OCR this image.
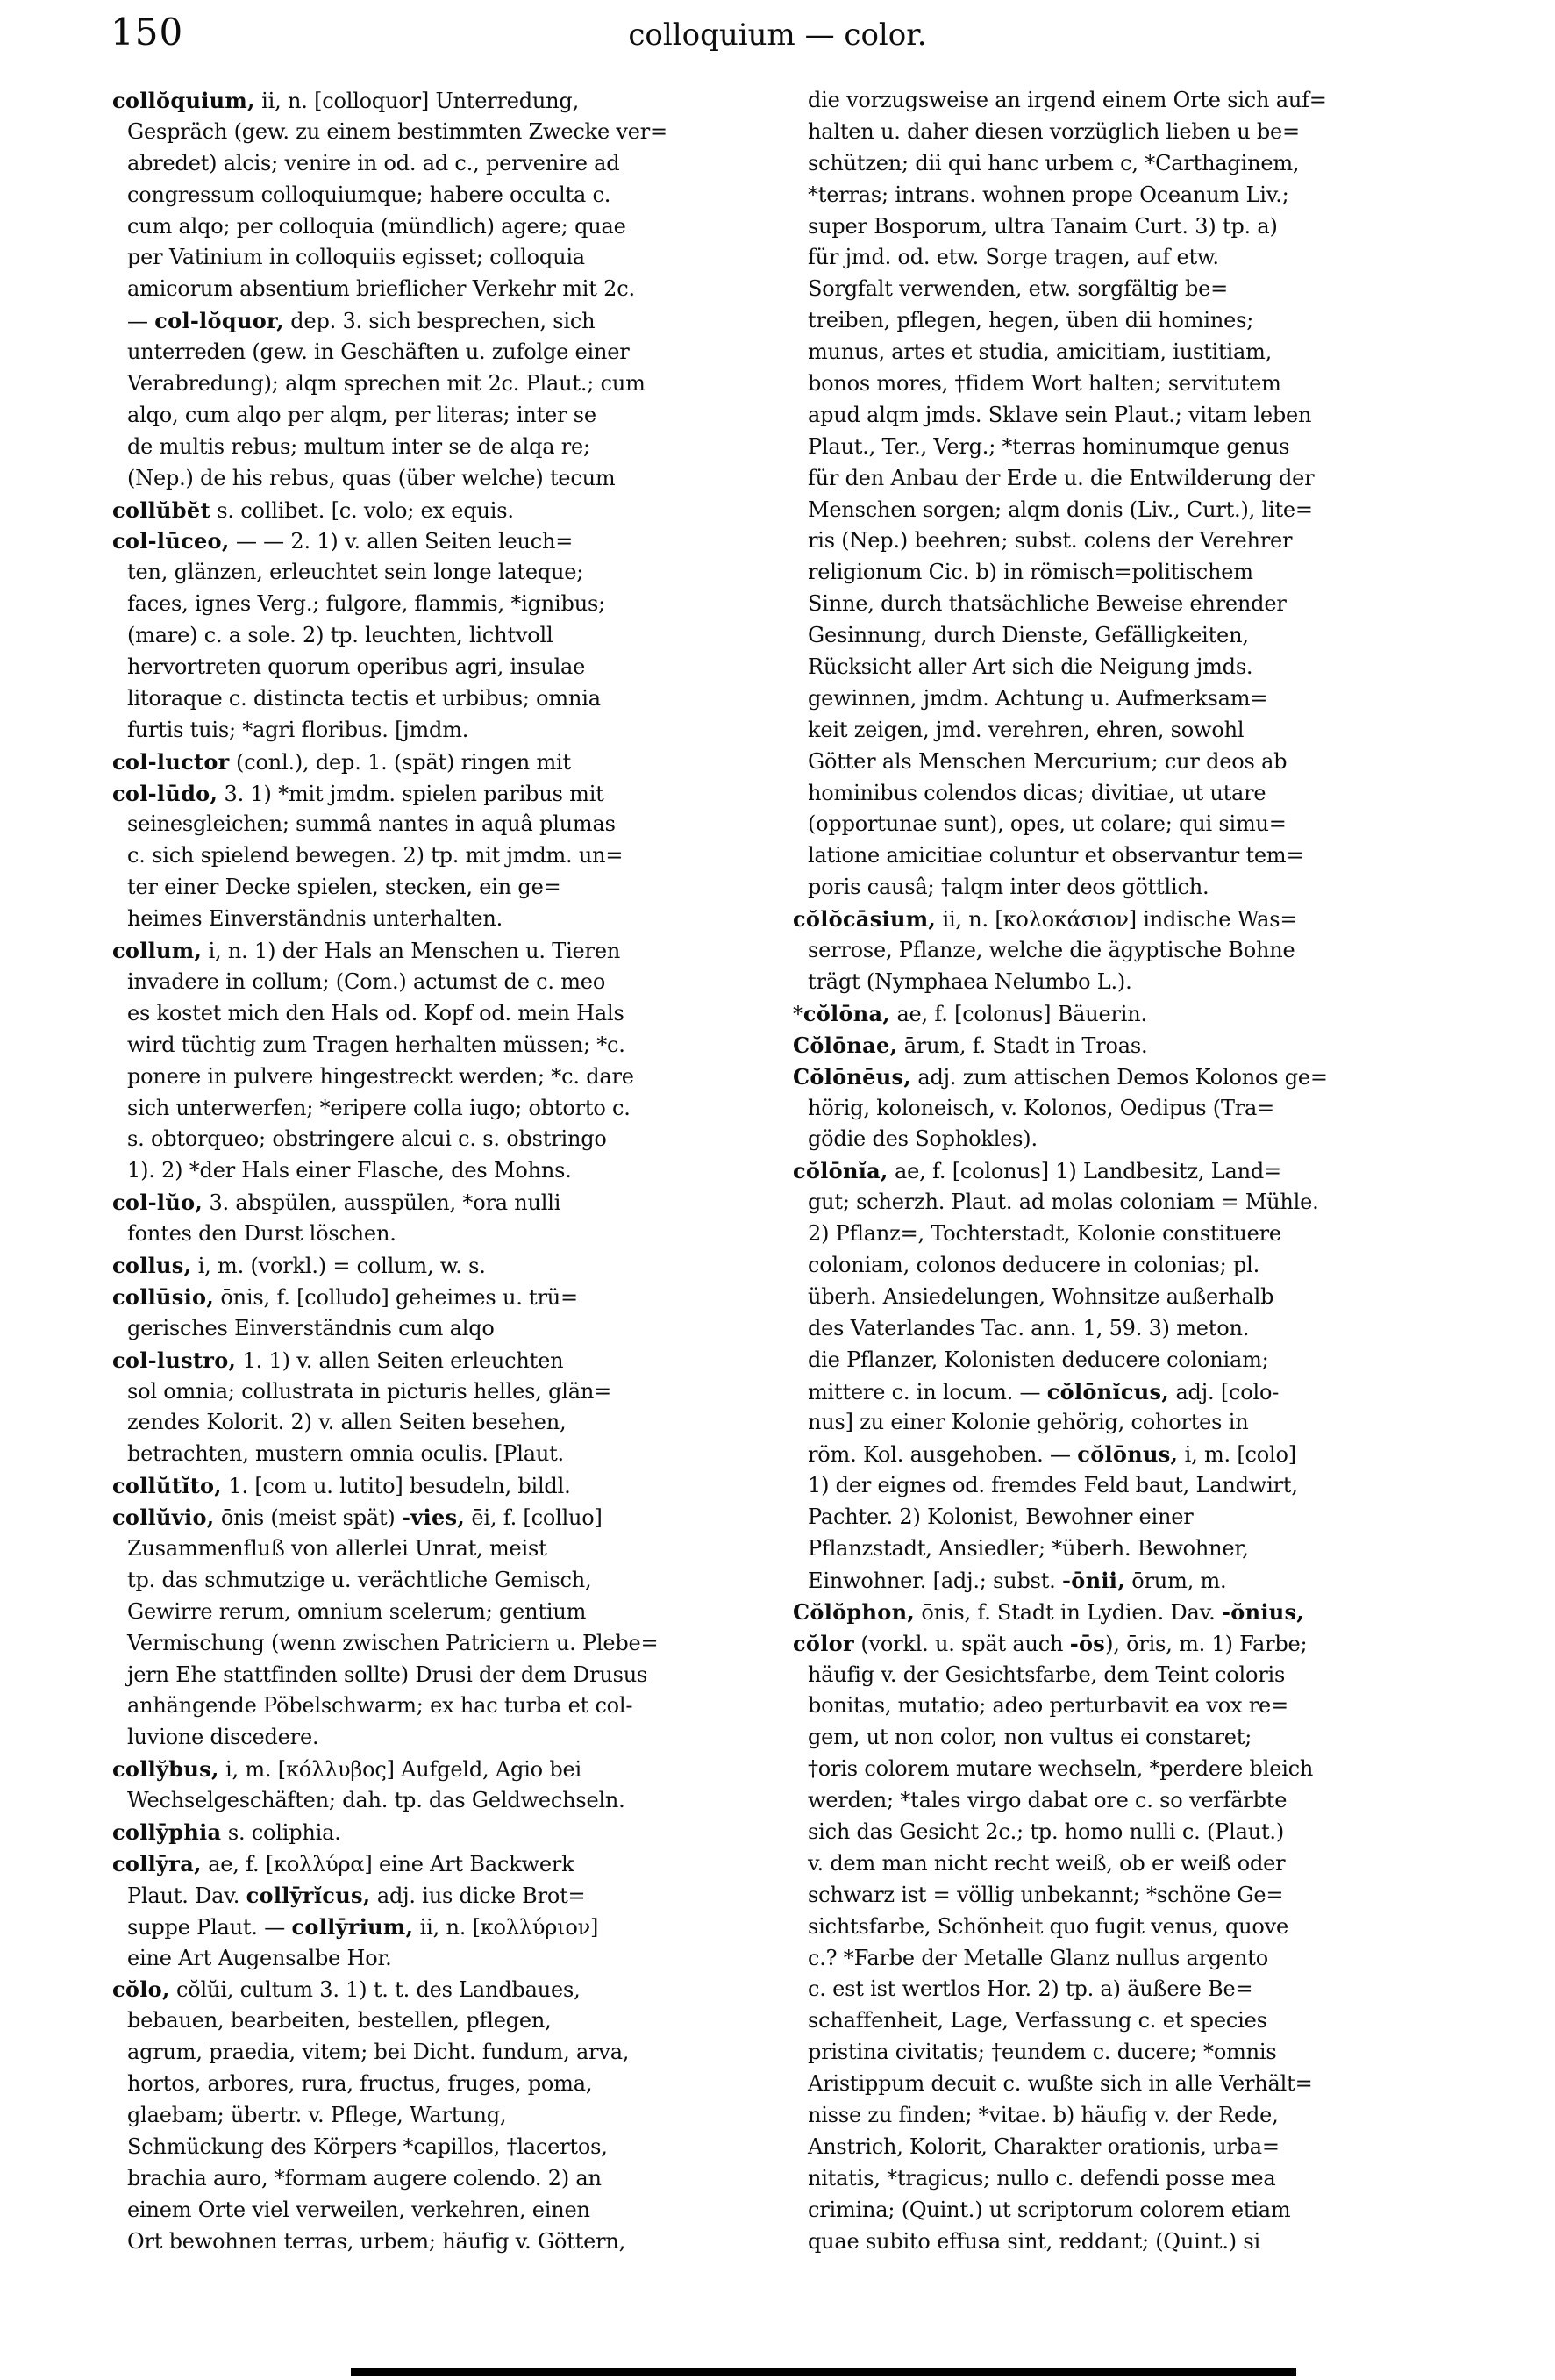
150	colloquium — color.
collŏquium, ii, n. [colloquor] Unterredung,
Gespräch (gew. zu einem bestimmten Zwecke ver=
abredet) alcis; venire in od. ad c., pervenire ad
congressum colloquiumque; habere occulta c.
cum alqo; per colloquia (mündlich) agere; quae
per Vatinium in colloquiis egisset; colloquia
amicorum absentium brieflicher Verkehr mit 2c.
— col-lŏquor, dep. 3. sich besprechen, sich
unterreden (gew. in Geschäften u. zufolge einer
Verabredung); alqm sprechen mit 2c. Plaut.; cum
alqo, cum alqo per alqm, per literas; inter se
de multis rebus; multum inter se de alqa re;
(Nep.) de his rebus, quas (über welche) tecum
collŭbĕt s. collibet. [c. volo; ex equis.
col-lūceo, — — 2. 1) v. allen Seiten leuch=
ten, glänzen, erleuchtet sein longe lateque;
faces, ignes Verg.; fulgore, flammis, *ignibus;
(mare) c. a sole. 2) tp. leuchten, lichtvoll
hervortreten quorum operibus agri, insulae
litoraque c. distincta tectis et urbibus; omnia
furtis tuis; *agri floribus. [jmdm.
col-luctor (conl.), dep. 1. (spät) ringen mit
col-lūdo, 3. 1) *mit jmdm. spielen paribus mit
seinesgleichen; summâ nantes in aquâ plumas
c. sich spielend bewegen. 2) tp. mit jmdm. un=
ter einer Decke spielen, stecken, ein ge=
heimes Einverständnis unterhalten.
collum, i, n. 1) der Hals an Menschen u. Tieren
invadere in collum; (Com.) actumst de c. meo
es kostet mich den Hals od. Kopf od. mein Hals
wird tüchtig zum Tragen herhalten müssen; *c.
ponere in pulvere hingestreckt werden; *c. dare
sich unterwerfen; *eripere colla iugo; obtorto c.
s. obtorqueo; obstringere alcui c. s. obstringo
1). 2) *der Hals einer Flasche, des Mohns.
col-lŭo, 3. abspülen, ausspülen, *ora nulli
fontes den Durst löschen.
collus, i, m. (vorkl.) = collum, w. s.
collūsio, ōnis, f. [colludo] geheimes u. trü=
gerisches Einverständnis cum alqo
col-lustro, 1. 1) v. allen Seiten erleuchten
sol omnia; collustrata in picturis helles, glän=
zendes Kolorit. 2) v. allen Seiten besehen,
betrachten, mustern omnia oculis. [Plaut.
collŭtĭto, 1. [com u. lutito] besudeln, bildl.
collŭvio, ōnis (meist spät) -vies, ēi, f. [colluo]
Zusammenfluß von allerlei Unrat, meist
tp. das schmutzige u. verächtliche Gemisch,
Gewirre rerum, omnium scelerum; gentium
Vermischung (wenn zwischen Patriciern u. Plebe=
jern Ehe stattfinden sollte) Drusi der dem Drusus
anhängende Pöbelschwarm; ex hac turba et col-
luvione discedere.
colly̆bus, i, m. [κόλλυβος] Aufgeld, Agio bei
Wechselgeschäften; dah. tp. das Geldwechseln.
collȳphia s. coliphia.
collȳra, ae, f. [κολλύρα] eine Art Backwerk
Plaut. Dav. collȳrĭcus, adj. ius dicke Brot=
suppe Plaut. — collȳrium, ii, n. [κολλύριον]
eine Art Augensalbe Hor.
cŏlo, cŏlŭi, cultum 3. 1) t. t. des Landbaues,
bebauen, bearbeiten, bestellen, pflegen,
agrum, praedia, vitem; bei Dicht. fundum, arva,
hortos, arbores, rura, fructus, fruges, poma,
glaebam; übertr. v. Pflege, Wartung,
Schmückung des Körpers *capillos, †lacertos,
brachia auro, *formam augere colendo. 2) an
einem Orte viel verweilen, verkehren, einen
Ort bewohnen terras, urbem; häufig v. Göttern,
die vorzugsweise an irgend einem Orte sich auf=
halten u. daher diesen vorzüglich lieben u be=
schützen; dii qui hanc urbem c, *Carthaginem,
*terras; intrans. wohnen prope Oceanum Liv.;
super Bosporum, ultra Tanaim Curt. 3) tp. a)
für jmd. od. etw. Sorge tragen, auf etw.
Sorgfalt verwenden, etw. sorgfältig be=
treiben, pflegen, hegen, üben dii homines;
munus, artes et studia, amicitiam, iustitiam,
bonos mores, †fidem Wort halten; servitutem
apud alqm jmds. Sklave sein Plaut.; vitam leben
Plaut., Ter., Verg.; *terras hominumque genus
für den Anbau der Erde u. die Entwilderung der
Menschen sorgen; alqm donis (Liv., Curt.), lite=
ris (Nep.) beehren; subst. colens der Verehrer
religionum Cic. b) in römisch=politischem
Sinne, durch thatsächliche Beweise ehrender
Gesinnung, durch Dienste, Gefälligkeiten,
Rücksicht aller Art sich die Neigung jmds.
gewinnen, jmdm. Achtung u. Aufmerksam=
keit zeigen, jmd. verehren, ehren, sowohl
Götter als Menschen Mercurium; cur deos ab
hominibus colendos dicas; divitiae, ut utare
(opportunae sunt), opes, ut colare; qui simu=
latione amicitiae coluntur et observantur tem=
poris causâ; †alqm inter deos göttlich.
cŏlŏcāsium, ii, n. [κολοκάσιον] indische Was=
serrose, Pflanze, welche die ägyptische Bohne
trägt (Nymphaea Nelumbo L.).
*cŏlōna, ae, f. [colonus] Bäuerin.
Cŏlōnae, ārum, f. Stadt in Troas.
Cŏlōnēus, adj. zum attischen Demos Kolonos ge=
hörig, koloneisch, v. Kolonos, Oedipus (Tra=
gödie des Sophokles).
cŏlōnĭa, ae, f. [colonus] 1) Landbesitz, Land=
gut; scherzh. Plaut. ad molas coloniam = Mühle.
2) Pflanz=, Tochterstadt, Kolonie constituere
coloniam, colonos deducere in colonias; pl.
überh. Ansiedelungen, Wohnsitze außerhalb
des Vaterlandes Tac. ann. 1, 59. 3) meton.
die Pflanzer, Kolonisten deducere coloniam;
mittere c. in locum. — cŏlōnĭcus, adj. [colo-
nus] zu einer Kolonie gehörig, cohortes in
röm. Kol. ausgehoben. — cŏlōnus, i, m. [colo]
1) der eignes od. fremdes Feld baut, Landwirt,
Pachter. 2) Kolonist, Bewohner einer
Pflanzstadt, Ansiedler; *überh. Bewohner,
Einwohner. [adj.; subst. -ōnii, ōrum, m.
Cŏlŏphon, ōnis, f. Stadt in Lydien. Dav. -ŏnius,
cŏlor (vorkl. u. spät auch -ōs), ōris, m. 1) Farbe;
häufig v. der Gesichtsfarbe, dem Teint coloris
bonitas, mutatio; adeo perturbavit ea vox re=
gem, ut non color, non vultus ei constaret;
†oris colorem mutare wechseln, *perdere bleich
werden; *tales virgo dabat ore c. so verfärbte
sich das Gesicht 2c.; tp. homo nulli c. (Plaut.)
v. dem man nicht recht weiß, ob er weiß oder
schwarz ist = völlig unbekannt; *schöne Ge=
sichtsfarbe, Schönheit quo fugit venus, quove
c.? *Farbe der Metalle Glanz nullus argento
c. est ist wertlos Hor. 2) tp. a) äußere Be=
schaffenheit, Lage, Verfassung c. et species
pristina civitatis; †eundem c. ducere; *omnis
Aristippum decuit c. wußte sich in alle Verhält=
nisse zu finden; *vitae. b) häufig v. der Rede,
Anstrich, Kolorit, Charakter orationis, urba=
nitatis, *tragicus; nullo c. defendi posse mea
crimina; (Quint.) ut scriptorum colorem etiam
quae subito effusa sint, reddant; (Quint.) si
